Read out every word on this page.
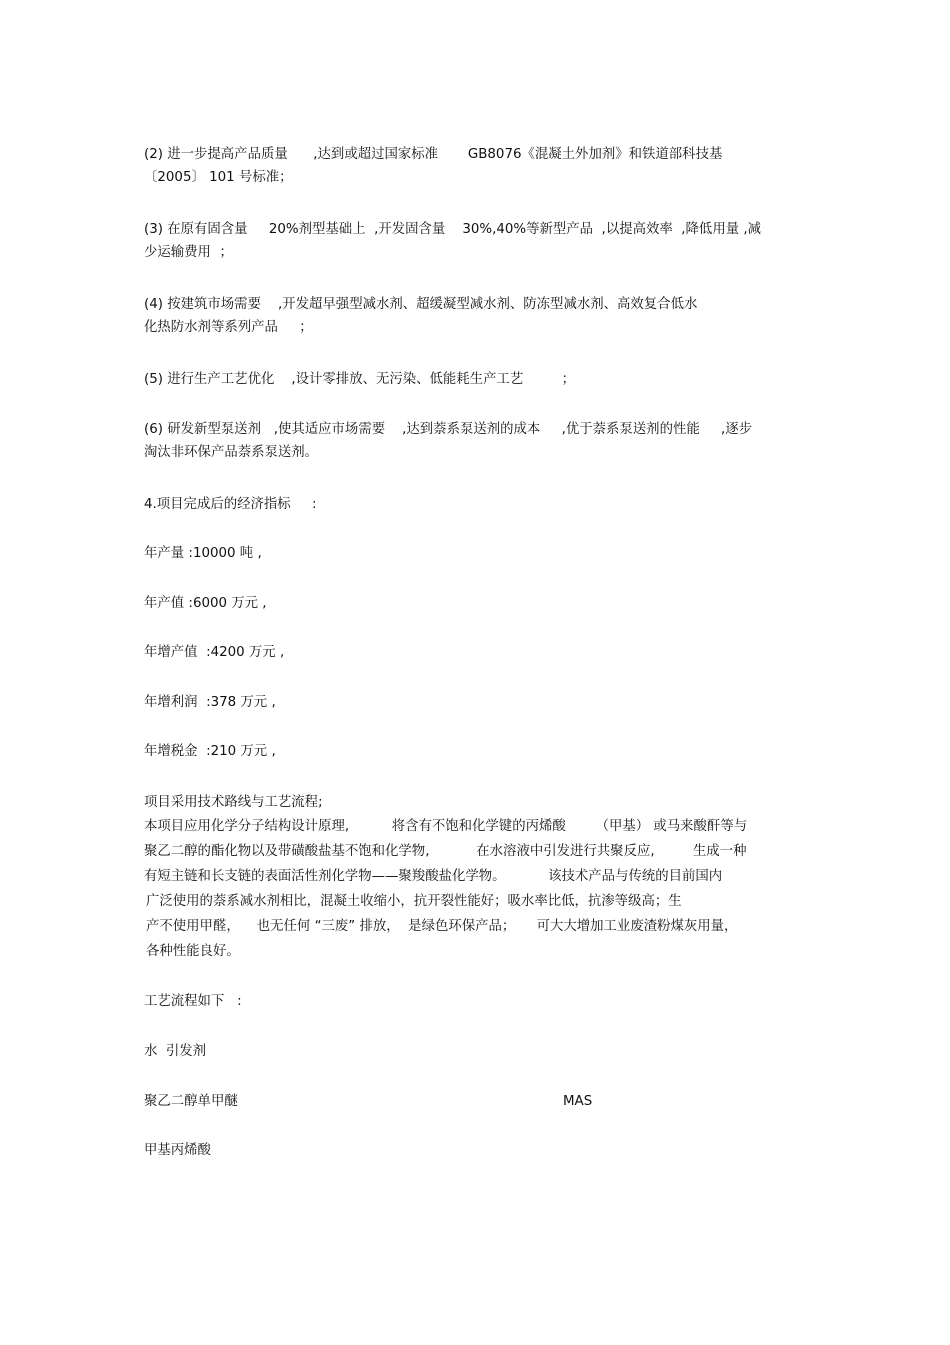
(2) 进一步提高产品质量      ,达到或超过国家标准       GB8076《混凝土外加剂》和铁道部科技基

〔2005〕 101 号标准；

(3) 在原有固含量     20%剂型基础上  ,开发固含量    30%,40%等新型产品  ,以提高效率  ,降低用量 ,减

少运输费用  ；

(4) 按建筑市场需要    ,开发超早强型减水剂、超缓凝型减水剂、防冻型减水剂、高效复合低水

化热防水剂等系列产品     ；

(5) 进行生产工艺优化    ,设计零排放、无污染、低能耗生产工艺         ；

(6) 研发新型泵送剂   ,使其适应市场需要    ,达到萘系泵送剂的成本     ,优于萘系泵送剂的性能     ,逐步

淘汰非环保产品萘系泵送剂。

4.项目完成后的经济指标     :

年产量 :10000 吨 ,

年产值 :6000 万元 ,

年增产值  :4200 万元 ,

年增利润  :378 万元 ,

年增税金  :210 万元 ,

项目采用技术路线与工艺流程;

本项目应用化学分子结构设计原理,          将含有不饱和化学键的丙烯酸       （甲基） 或马来酸酐等与

聚乙二醇的酯化物以及带磺酸盐基不饱和化学物,           在水溶液中引发进行共聚反应,         生成一种

有短主链和长支链的表面活性剂化学物——聚羧酸盐化学物。          该技术产品与传统的目前国内

广泛使用的萘系减水剂相比，混凝土收缩小，抗开裂性能好；吸水率比低，抗渗等级高；生

产不使用甲醛，    也无任何 “三废” 排放，  是绿色环保产品；     可大大增加工业废渣粉煤灰用量，

各种性能良好。

工艺流程如下   :

水  引发剂

聚乙二醇单甲醚	MAS

甲基丙烯酸
